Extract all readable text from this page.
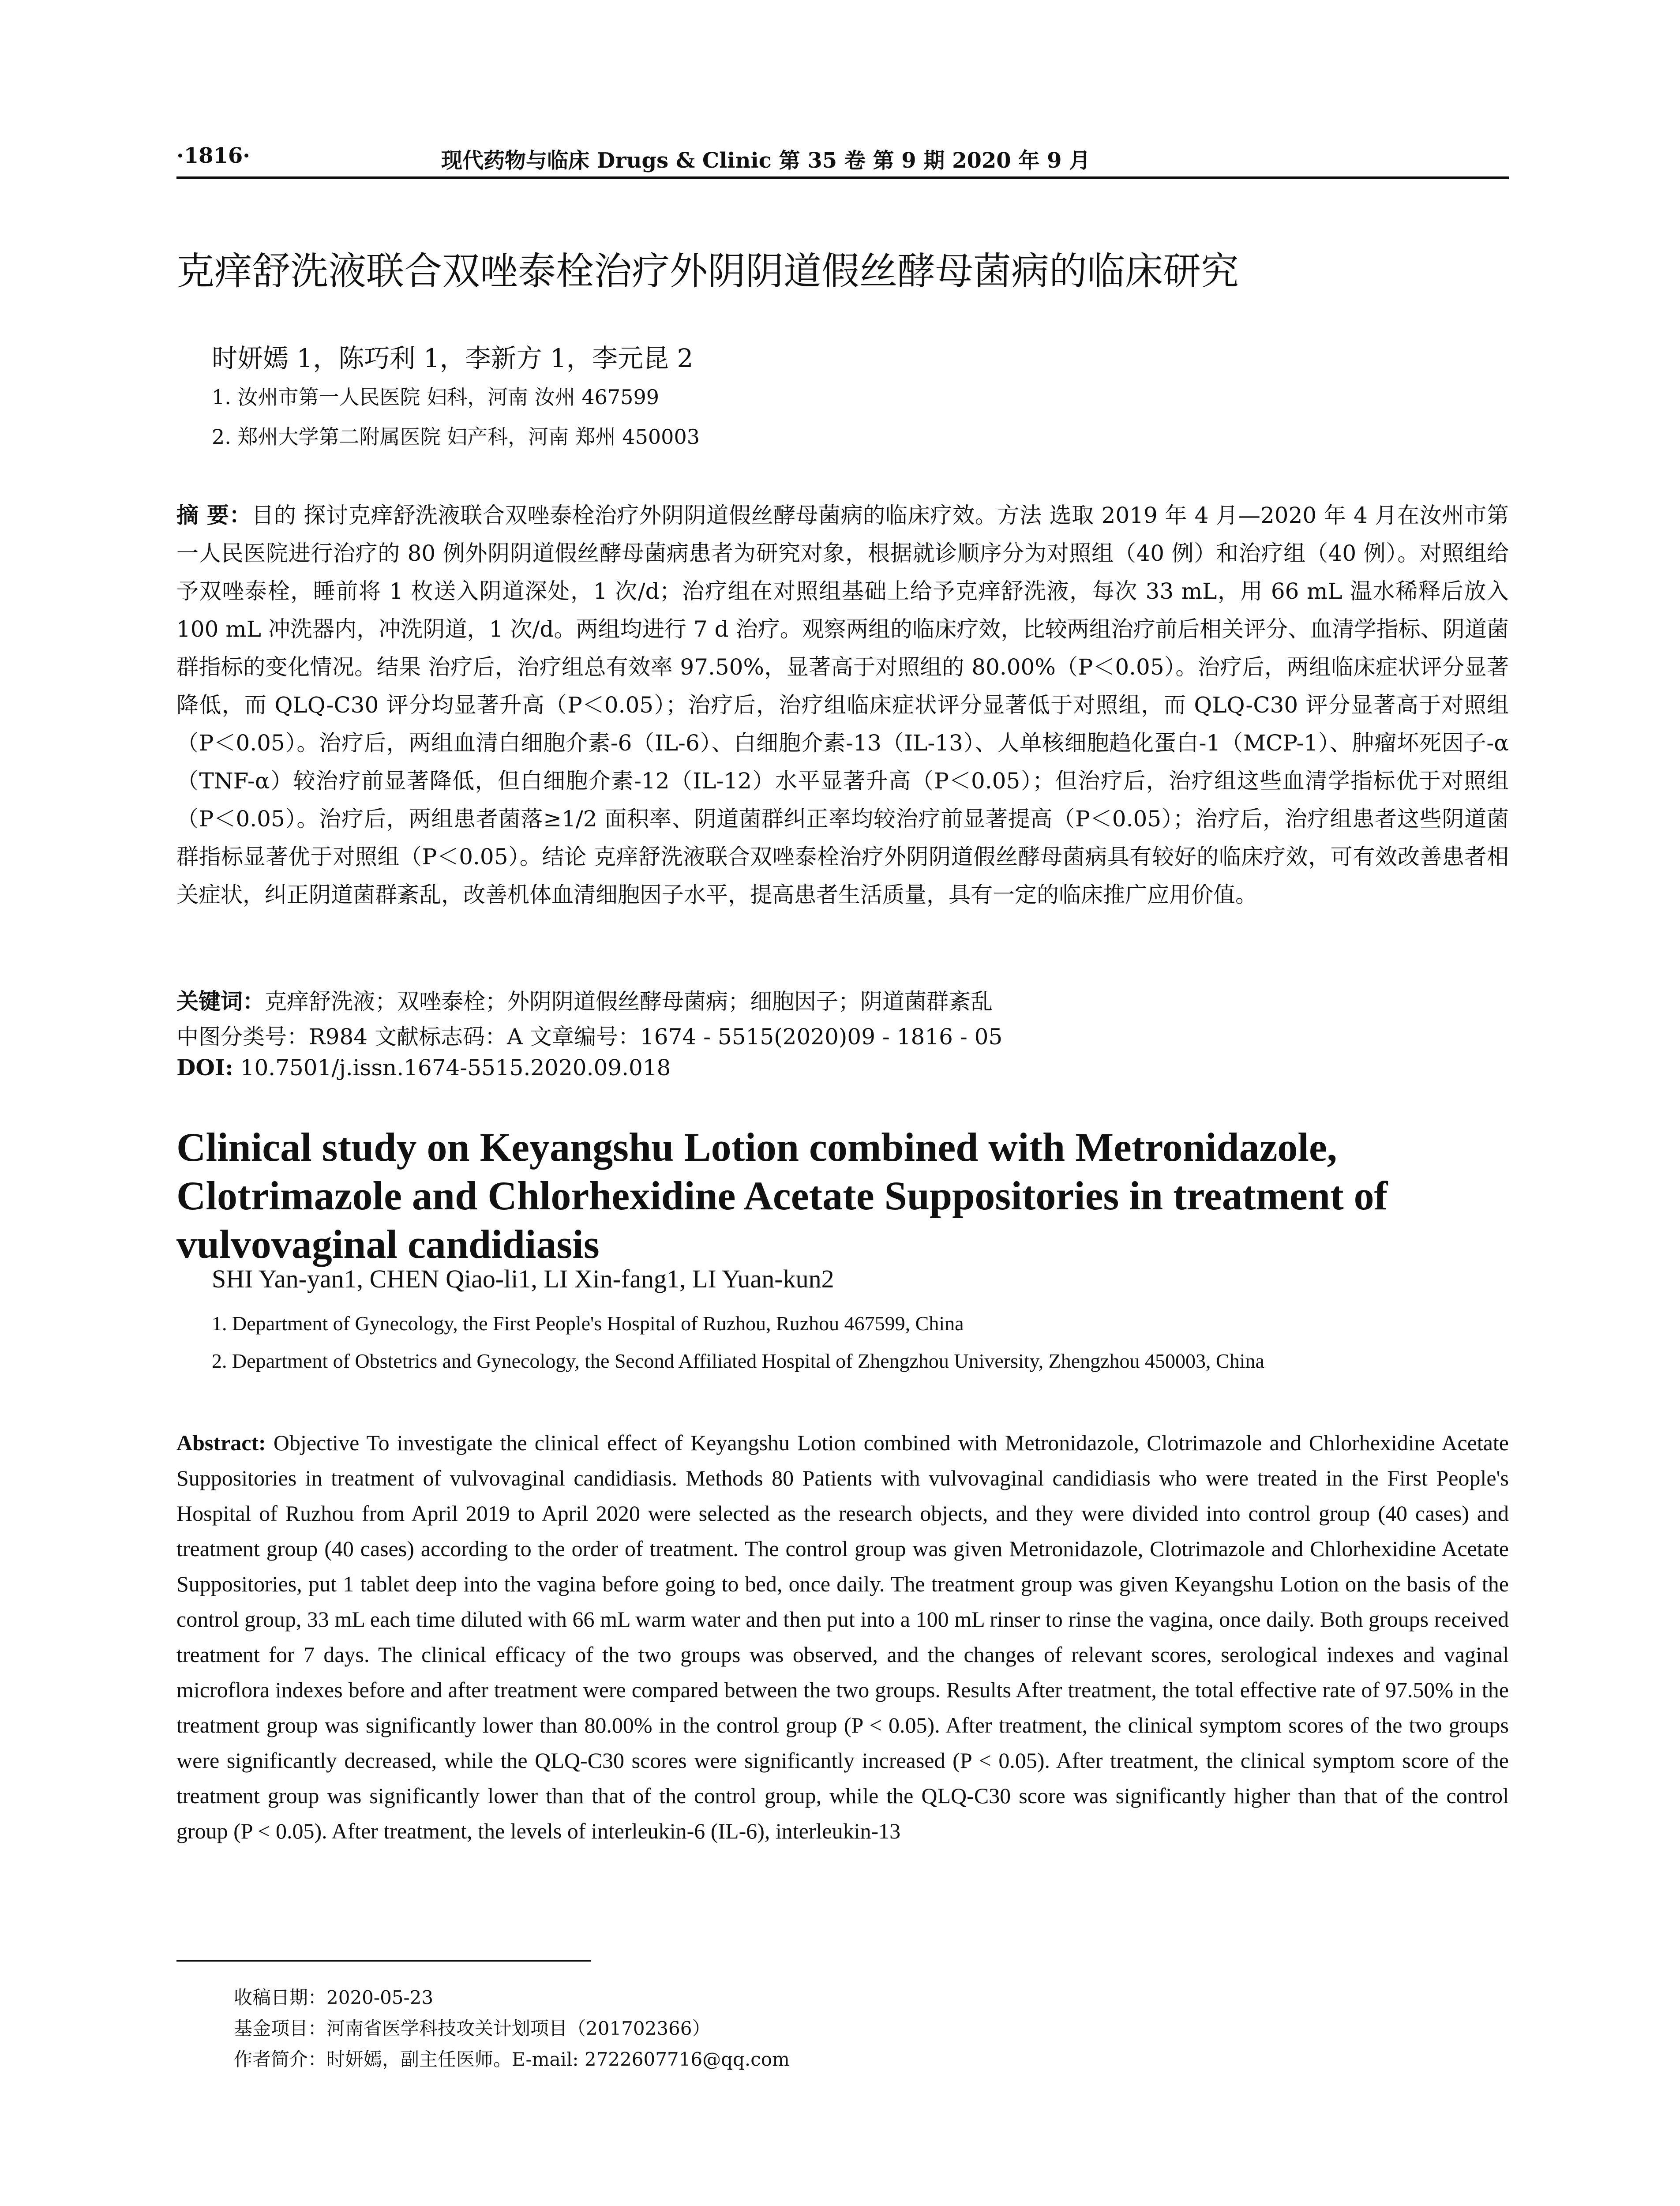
·1816·	现代药物与临床 Drugs & Clinic 第 35 卷 第 9 期 2020 年 9 月
克痒舒洗液联合双唑泰栓治疗外阴阴道假丝酵母菌病的临床研究
时妍嫣 1，陈巧利 1，李新方 1，李元昆 2
1. 汝州市第一人民医院 妇科，河南 汝州 467599
2. 郑州大学第二附属医院 妇产科，河南 郑州 450003
摘 要：目的 探讨克痒舒洗液联合双唑泰栓治疗外阴阴道假丝酵母菌病的临床疗效。方法 选取 2019 年 4 月—2020 年 4 月在汝州市第一人民医院进行治疗的 80 例外阴阴道假丝酵母菌病患者为研究对象，根据就诊顺序分为对照组（40 例）和治疗组（40 例）。对照组给予双唑泰栓，睡前将 1 枚送入阴道深处，1 次/d；治疗组在对照组基础上给予克痒舒洗液，每次 33 mL，用 66 mL 温水稀释后放入 100 mL 冲洗器内，冲洗阴道，1 次/d。两组均进行 7 d 治疗。观察两组的临床疗效，比较两组治疗前后相关评分、血清学指标、阴道菌群指标的变化情况。结果 治疗后，治疗组总有效率 97.50%，显著高于对照组的 80.00%（P＜0.05）。治疗后，两组临床症状评分显著降低，而 QLQ-C30 评分均显著升高（P＜0.05）；治疗后，治疗组临床症状评分显著低于对照组，而 QLQ-C30 评分显著高于对照组（P＜0.05）。治疗后，两组血清白细胞介素-6（IL-6）、白细胞介素-13（IL-13）、人单核细胞趋化蛋白-1（MCP-1）、肿瘤坏死因子-α（TNF-α）较治疗前显著降低，但白细胞介素-12（IL-12）水平显著升高（P＜0.05）；但治疗后，治疗组这些血清学指标优于对照组（P＜0.05）。治疗后，两组患者菌落≥1/2 面积率、阴道菌群纠正率均较治疗前显著提高（P＜0.05）；治疗后，治疗组患者这些阴道菌群指标显著优于对照组（P＜0.05）。结论 克痒舒洗液联合双唑泰栓治疗外阴阴道假丝酵母菌病具有较好的临床疗效，可有效改善患者相关症状，纠正阴道菌群紊乱，改善机体血清细胞因子水平，提高患者生活质量，具有一定的临床推广应用价值。
关键词：克痒舒洗液；双唑泰栓；外阴阴道假丝酵母菌病；细胞因子；阴道菌群紊乱
中图分类号：R984 文献标志码：A 文章编号：1674 - 5515(2020)09 - 1816 - 05
DOI: 10.7501/j.issn.1674-5515.2020.09.018
Clinical study on Keyangshu Lotion combined with Metronidazole, Clotrimazole and Chlorhexidine Acetate Suppositories in treatment of vulvovaginal candidiasis
SHI Yan-yan1, CHEN Qiao-li1, LI Xin-fang1, LI Yuan-kun2
1. Department of Gynecology, the First People's Hospital of Ruzhou, Ruzhou 467599, China
2. Department of Obstetrics and Gynecology, the Second Affiliated Hospital of Zhengzhou University, Zhengzhou 450003, China
Abstract: Objective To investigate the clinical effect of Keyangshu Lotion combined with Metronidazole, Clotrimazole and Chlorhexidine Acetate Suppositories in treatment of vulvovaginal candidiasis. Methods 80 Patients with vulvovaginal candidiasis who were treated in the First People's Hospital of Ruzhou from April 2019 to April 2020 were selected as the research objects, and they were divided into control group (40 cases) and treatment group (40 cases) according to the order of treatment. The control group was given Metronidazole, Clotrimazole and Chlorhexidine Acetate Suppositories, put 1 tablet deep into the vagina before going to bed, once daily. The treatment group was given Keyangshu Lotion on the basis of the control group, 33 mL each time diluted with 66 mL warm water and then put into a 100 mL rinser to rinse the vagina, once daily. Both groups received treatment for 7 days. The clinical efficacy of the two groups was observed, and the changes of relevant scores, serological indexes and vaginal microflora indexes before and after treatment were compared between the two groups. Results After treatment, the total effective rate of 97.50% in the treatment group was significantly lower than 80.00% in the control group (P < 0.05). After treatment, the clinical symptom scores of the two groups were significantly decreased, while the QLQ-C30 scores were significantly increased (P < 0.05). After treatment, the clinical symptom score of the treatment group was significantly lower than that of the control group, while the QLQ-C30 score was significantly higher than that of the control group (P < 0.05). After treatment, the levels of interleukin-6 (IL-6), interleukin-13
收稿日期：2020-05-23
基金项目：河南省医学科技攻关计划项目（201702366）
作者简介：时妍嫣，副主任医师。E-mail: 2722607716@qq.com
